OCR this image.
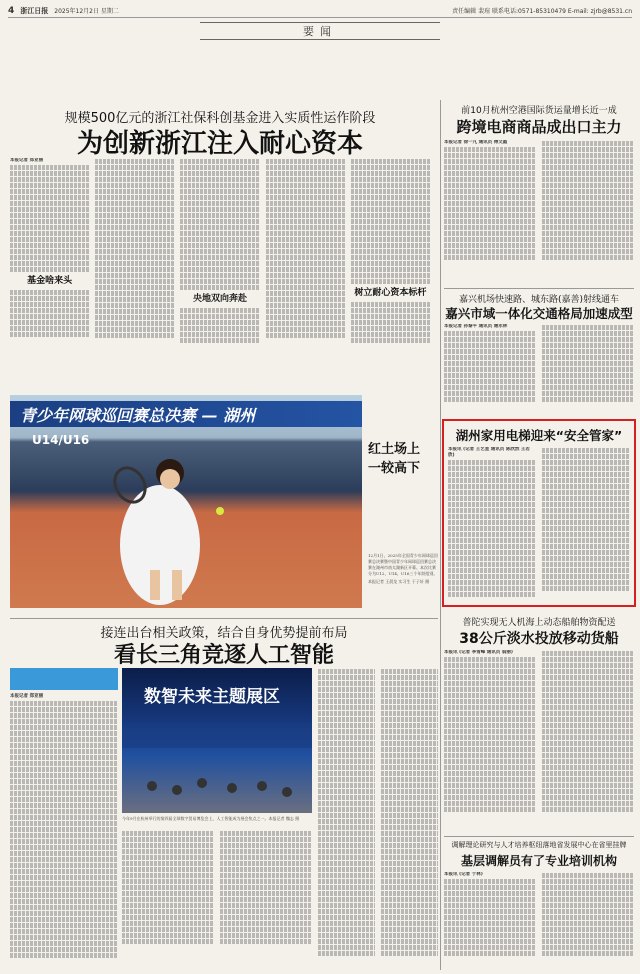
4 浙江日报 2025年12月2日 星期二	责任编辑 裴瑄 联系电话:0571-85310479 E-mail: zjrb@8531.cn
要闻
规模500亿元的浙江社保科创基金进入实质性运作阶段
为创新浙江注入耐心资本
本报记者 郑亚丽
基金啥来头
央地双向奔赴
树立耐心资本标杆
青少年网球巡回赛总决赛 — 湖州
U14/U16
红土场上
一较高下
12月1日，2025年全国青少年网球巡回赛总决赛暨中国青少年网球巡回赛总决赛在湖州市南太湖新区开幕。本次比赛分为U12、U14、U16三个年龄组别。
本报记者 王晨龙 实习生 于子轩 摄
接连出台相关政策，结合自身优势提前布局
看长三角竞逐人工智能
本报记者 郑亚丽	数智未来主题展区
今年9月在杭州举行的第四届全球数字贸易博览会上，人工智能成为展会焦点之一。本报记者 魏志 摄
前10月杭州空港国际货运量增长近一成
跨境电商商品成出口主力
本报记者 徐一凡 通讯员 傅文霞
嘉兴机场快速路、城东路(嘉善)射线通车
嘉兴市域一体化交通格局加速成型
本报记者 孙黎平 通讯员 谢永林
湖州家用电梯迎来“安全管家”
本报讯 (记者 王艺星 通讯员 陈欣然 王若欣)
普陀实现无人机海上动态船舶物资配送
38公斤淡水投放移动货船
本报讯 (记者 李雪峰 通讯员 翁丽)
调解理论研究与人才培养枢纽落地省发展中心在省里挂牌
基层调解员有了专业培训机构
本报讯 (记者 于林)
